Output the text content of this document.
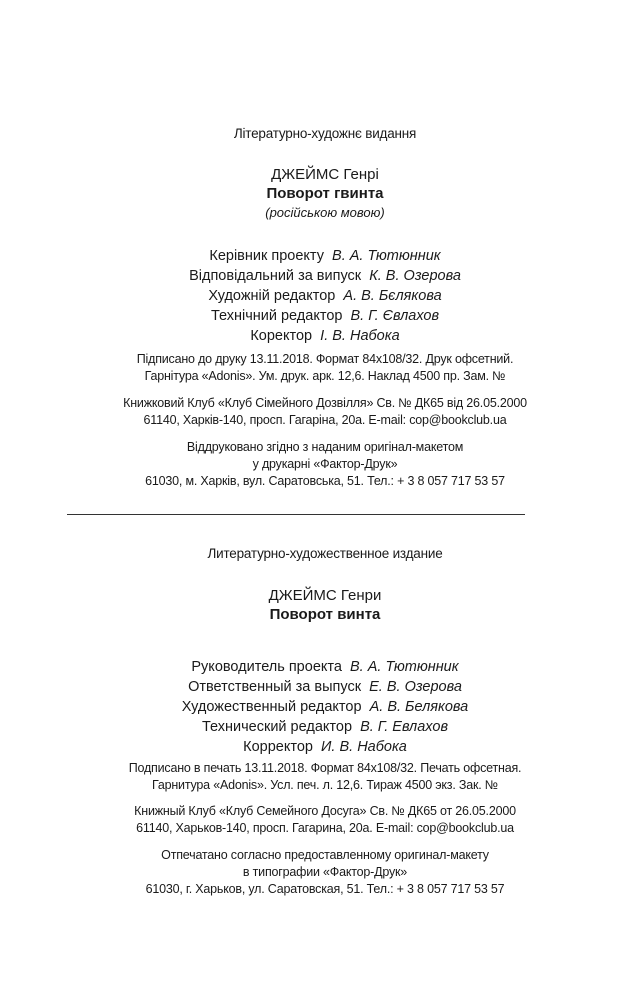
Літературно-художнє видання
ДЖЕЙМС Генрі
Поворот гвинта
(російською мовою)
Керівник проекту В. А. Тютюнник
Відповідальний за випуск К. В. Озерова
Художній редактор А. В. Бєлякова
Технічний редактор В. Г. Євлахов
Коректор І. В. Набока
Підписано до друку 13.11.2018. Формат 84x108/32. Друк офсетний.
Гарнітура «Adonis». Ум. друк. арк. 12,6. Наклад 4500 пр. Зам. №
Книжковий Клуб «Клуб Сімейного Дозвілля» Св. № ДК65 від 26.05.2000
61140, Харків-140, просп. Гагаріна, 20а. E-mail: cop@bookclub.ua
Віддруковано згідно з наданим оригінал-макетом
у друкарні «Фактор-Друк»
61030, м. Харків, вул. Саратовська, 51. Тел.: + 3 8 057 717 53 57
Литературно-художественное издание
ДЖЕЙМС Генри
Поворот винта
Руководитель проекта В. А. Тютюнник
Ответственный за выпуск Е. В. Озерова
Художественный редактор А. В. Белякова
Технический редактор В. Г. Евлахов
Корректор И. В. Набока
Подписано в печать 13.11.2018. Формат 84x108/32. Печать офсетная.
Гарнитура «Adonis». Усл. печ. л. 12,6. Тираж 4500 экз. Зак. №
Книжный Клуб «Клуб Семейного Досуга» Св. № ДК65 от 26.05.2000
61140, Харьков-140, просп. Гагарина, 20а. E-mail: cop@bookclub.ua
Отпечатано согласно предоставленному оригинал-макету
в типографии «Фактор-Друк»
61030, г. Харьков, ул. Саратовская, 51. Тел.: + 3 8 057 717 53 57
